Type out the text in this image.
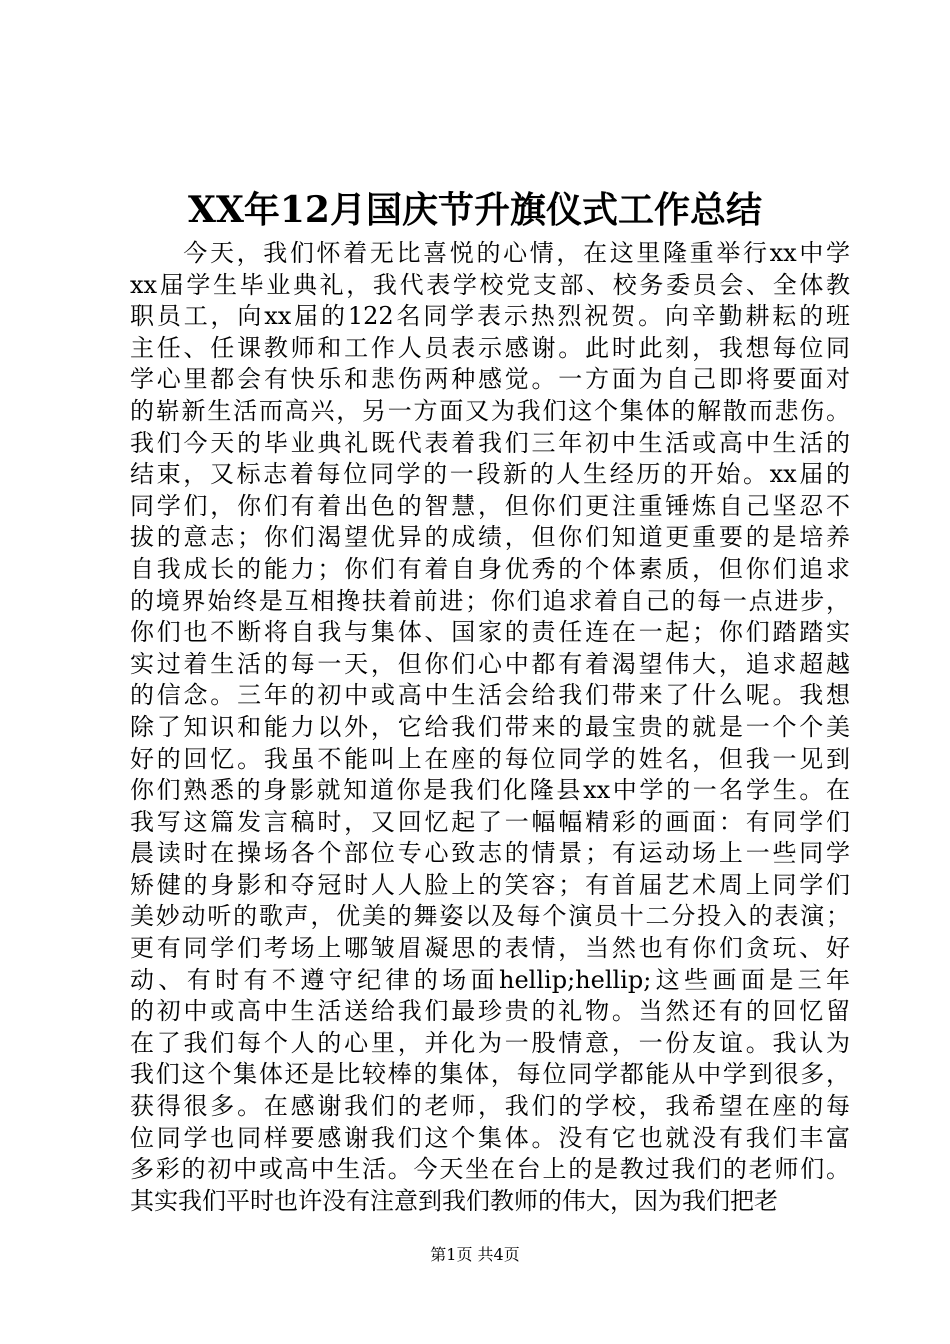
XX年12月国庆节升旗仪式工作总结
　　今天，我们怀着无比喜悦的心情，在这里隆重举行xx中学
xx届学生毕业典礼，我代表学校党支部、校务委员会、全体教
职员工，向xx届的122名同学表示热烈祝贺。向辛勤耕耘的班
主任、任课教师和工作人员表示感谢。此时此刻，我想每位同
学心里都会有快乐和悲伤两种感觉。一方面为自己即将要面对
的崭新生活而高兴，另一方面又为我们这个集体的解散而悲伤。
我们今天的毕业典礼既代表着我们三年初中生活或高中生活的
结束，又标志着每位同学的一段新的人生经历的开始。xx届的
同学们，你们有着出色的智慧，但你们更注重锤炼自己坚忍不
拔的意志；你们渴望优异的成绩，但你们知道更重要的是培养
自我成长的能力；你们有着自身优秀的个体素质，但你们追求
的境界始终是互相搀扶着前进；你们追求着自己的每一点进步，
你们也不断将自我与集体、国家的责任连在一起；你们踏踏实
实过着生活的每一天，但你们心中都有着渴望伟大，追求超越
的信念。三年的初中或高中生活会给我们带来了什么呢。我想
除了知识和能力以外，它给我们带来的最宝贵的就是一个个美
好的回忆。我虽不能叫上在座的每位同学的姓名，但我一见到
你们熟悉的身影就知道你是我们化隆县xx中学的一名学生。在
我写这篇发言稿时，又回忆起了一幅幅精彩的画面：有同学们
晨读时在操场各个部位专心致志的情景；有运动场上一些同学
矫健的身影和夺冠时人人脸上的笑容；有首届艺术周上同学们
美妙动听的歌声，优美的舞姿以及每个演员十二分投入的表演；
更有同学们考场上哪皱眉凝思的表情，当然也有你们贪玩、好
动、有时有不遵守纪律的场面hellip;hellip;这些画面是三年
的初中或高中生活送给我们最珍贵的礼物。当然还有的回忆留
在了我们每个人的心里，并化为一股情意，一份友谊。我认为
我们这个集体还是比较棒的集体，每位同学都能从中学到很多，
获得很多。在感谢我们的老师，我们的学校，我希望在座的每
位同学也同样要感谢我们这个集体。没有它也就没有我们丰富
多彩的初中或高中生活。今天坐在台上的是教过我们的老师们。
其实我们平时也许没有注意到我们教师的伟大，因为我们把老
第1页 共4页
